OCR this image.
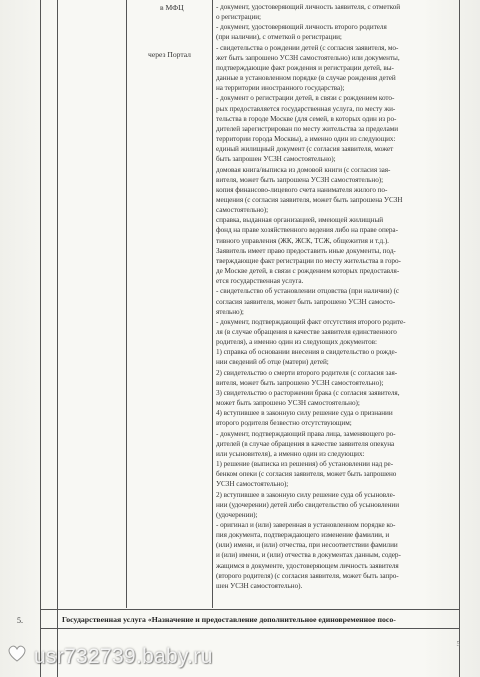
в МФЦ
через Портал
- документ, удостоверяющий личность заявителя, с отметкой
о регистрации;
- документ, удостоверяющий личность второго родителя
(при наличии), с отметкой о регистрации;
- свидетельства о рождении детей (с согласия заявителя, мо-
жет быть запрошено УСЗН самостоятельно) или документы,
подтверждающие факт рождения и регистрации детей, вы-
данные в установленном порядке (в случае рождения детей
на территории иностранного государства);
- документ о регистрации детей, в связи с рождением кото-
рых предоставляется государственная услуга, по месту жи-
тельства в городе Москве (для семей, в которых один из ро-
дителей зарегистрирован по месту жительства за пределами
территории города Москвы), а именно один из следующих:
единый жилищный документ (с согласия заявителя, может
быть запрошен УСЗН самостоятельно);
домовая книга/выписка из домовой книги (с согласия зая-
вителя, может быть запрошена УСЗН самостоятельно);
копия финансово-лицевого счета нанимателя жилого по-
мещения (с согласия заявителя, может быть запрошена УСЗН
самостоятельно);
справка, выданная организацией, имеющей жилищный
фонд на праве хозяйственного ведения либо на праве опера-
тивного управления (ЖК, ЖСК, ТСЖ, общежития и т.д.).
Заявитель имеет право предоставить иные документы, под-
тверждающие факт регистрации по месту жительства в горо-
де Москве детей, в связи с рождением которых предоставля-
ется государственная услуга.
- свидетельство об установлении отцовства (при наличии) (с
согласия заявителя, может быть запрошено УСЗН самосто-
ятельно);
- документ, подтверждающий факт отсутствия второго родите-
ля (в случае обращения в качестве заявителя единственного
родителя), а именно один из следующих документов:
1) справка об основании внесения в свидетельство о рожде-
нии сведений об отце (матери) детей;
2) свидетельство о смерти второго родителя (с согласия зая-
вителя, может быть запрошено УСЗН самостоятельно);
3) свидетельство о расторжении брака (с согласия заявителя,
может быть запрошено УСЗН самостоятельно);
4) вступившее в законную силу решение суда о признании
второго родителя безвестно отсутствующим;
- документ, подтверждающий права лица, заменяющего ро-
дителей (в случае обращения в качестве заявителя опекуна
или усыновителя), а именно один из следующих:
1) решение (выписка из решения) об установлении над ре-
бенком опеки (с согласия заявителя, может быть запрошено
УСЗН самостоятельно);
2) вступившее в законную силу решение суда об усыновле-
нии (удочерении) детей либо свидетельство об усыновлении
(удочерении);
- оригинал и (или) заверенная в установленном порядке ко-
пия документа, подтверждающего изменение фамилии, и
(или) имени, и (или) отчества, при несоответствии фамилии
и (или) имени, и (или) отчества в документах данным, содер-
жащимся в документе, удостоверяющем личность заявителя
(второго родителя) (с согласия заявителя, может быть запро-
шен УСЗН самостоятельно).
5.	Государственная услуга «Назначение и предоставление дополнительное единовременное посо-
5
usr732739.baby.ru
